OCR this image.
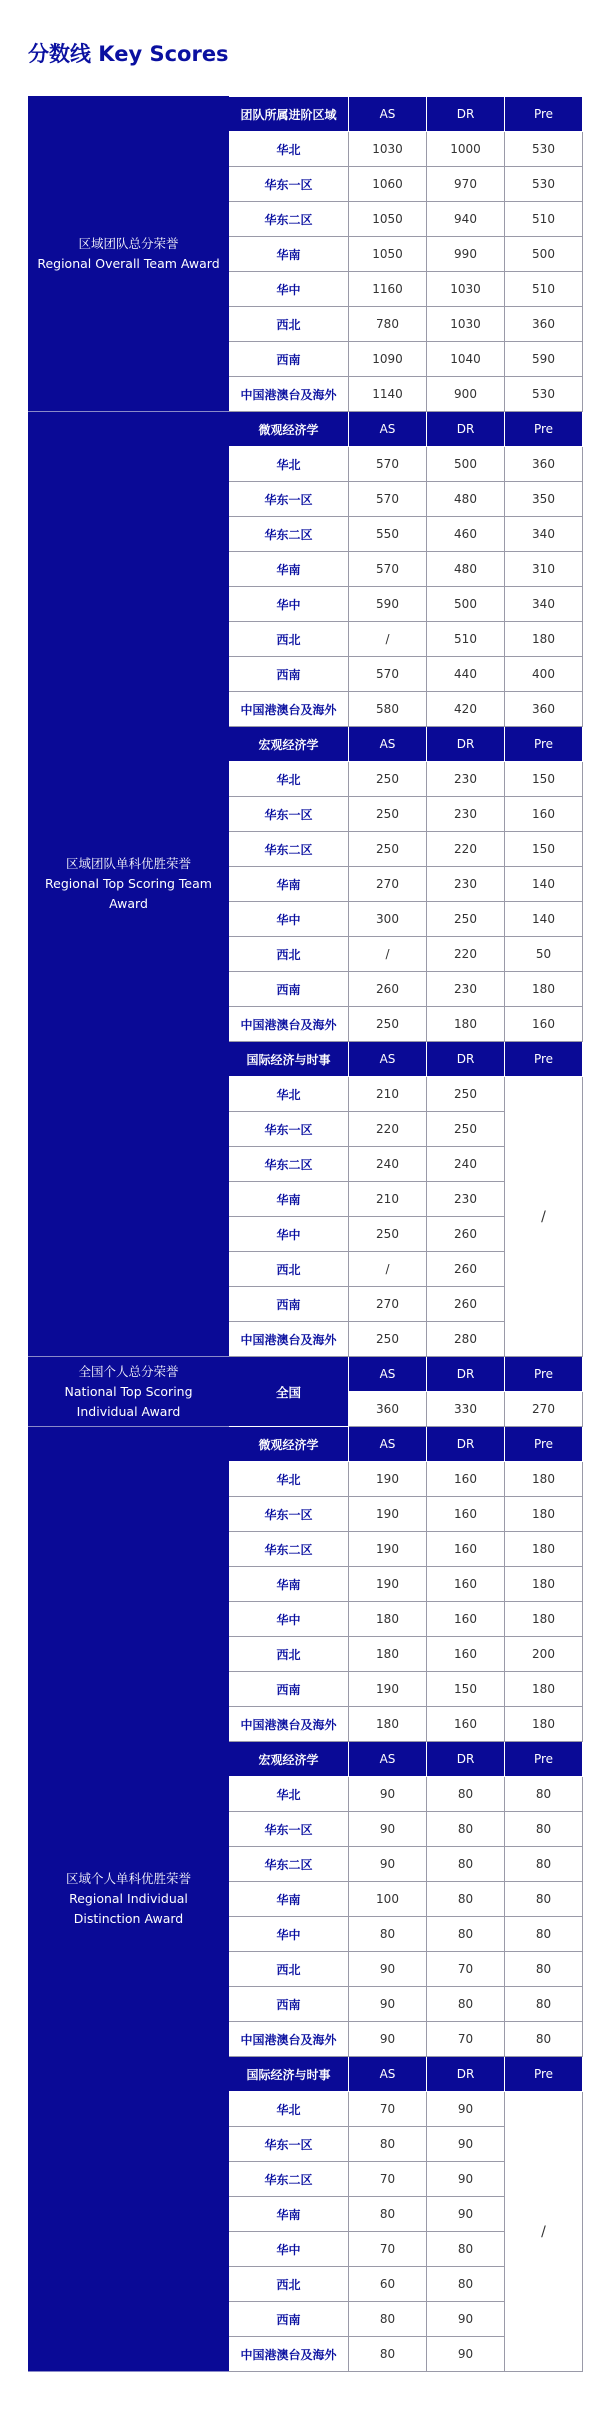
分数线 Key Scores
区域团队总分荣誉
Regional Overall Team Award	团队所属进阶区域	AS	DR	Pre
	华北	1030	1000	530
	华东一区	1060	970	530
	华东二区	1050	940	510
	华南	1050	990	500
	华中	1160	1030	510
	西北	780	1030	360
	西南	1090	1040	590
	中国港澳台及海外	1140	900	530

区域团队单科优胜荣誉
Regional Top Scoring Team Award	微观经济学	AS	DR	Pre
	华北	570	500	360
	华东一区	570	480	350
	华东二区	550	460	340
	华南	570	480	310
	华中	590	500	340
	西北	/	510	180
	西南	570	440	400
	中国港澳台及海外	580	420	360
	宏观经济学	AS	DR	Pre
	华北	250	230	150
	华东一区	250	230	160
	华东二区	250	220	150
	华南	270	230	140
	华中	300	250	140
	西北	/	220	50
	西南	260	230	180
	中国港澳台及海外	250	180	160
	国际经济与时事	AS	DR	Pre
	华北	210	250	/
	华东一区	220	250	
	华东二区	240	240	
	华南	210	230	
	华中	250	260	
	西北	/	260	
	西南	270	260	
	中国港澳台及海外	250	280	

全国个人总分荣誉
National Top Scoring Individual Award	全国	AS	DR	Pre
		360	330	270

区域个人单科优胜荣誉
Regional Individual Distinction Award	微观经济学	AS	DR	Pre
	华北	190	160	180
	华东一区	190	160	180
	华东二区	190	160	180
	华南	190	160	180
	华中	180	160	180
	西北	180	160	200
	西南	190	150	180
	中国港澳台及海外	180	160	180
	宏观经济学	AS	DR	Pre
	华北	90	80	80
	华东一区	90	80	80
	华东二区	90	80	80
	华南	100	80	80
	华中	80	80	80
	西北	90	70	80
	西南	90	80	80
	中国港澳台及海外	90	70	80
	国际经济与时事	AS	DR	Pre
	华北	70	90	/
	华东一区	80	90	
	华东二区	70	90	
	华南	80	90	
	华中	70	80	
	西北	60	80	
	西南	80	90	
	中国港澳台及海外	80	90	
